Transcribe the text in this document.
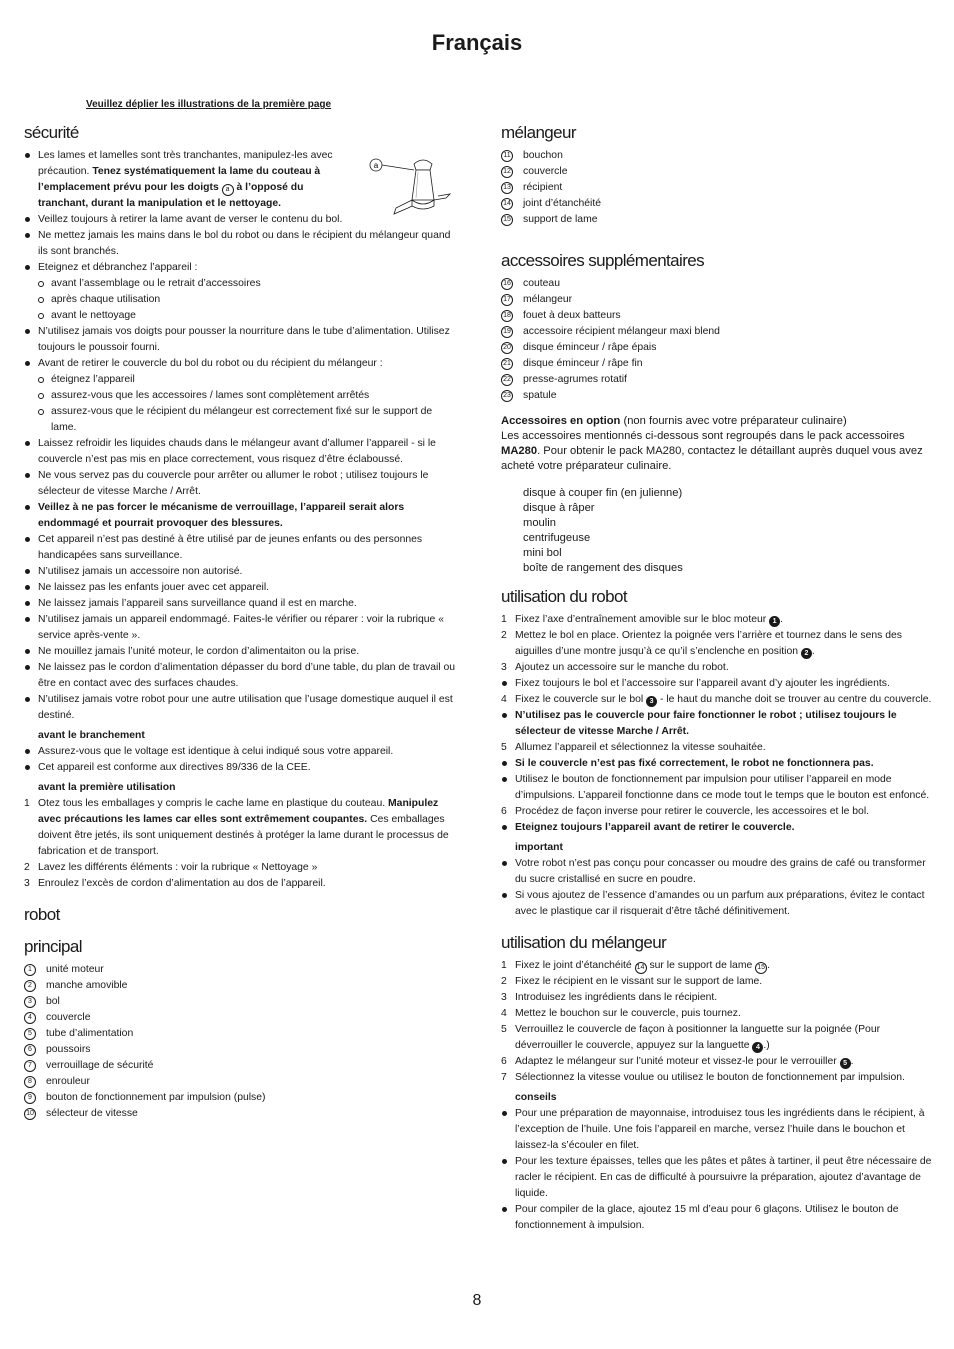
Français
Veuillez déplier les illustrations de la première page
a
sécurité
Les lames et lamelles sont très tranchantes, manipulez-les avec précaution. Tenez systématiquement la lame du couteau à l’emplacement prévu pour les doigts a à l’opposé du tranchant, durant la manipulation et le nettoyage.
Veillez toujours à retirer la lame avant de verser le contenu du bol.
Ne mettez jamais les mains dans le bol du robot ou dans le récipient du mélangeur quand ils sont branchés.
Eteignez et débranchez l’appareil :
avant l’assemblage ou le retrait d’accessoires
après chaque utilisation
avant le nettoyage
N’utilisez jamais vos doigts pour pousser la nourriture dans le tube d’alimentation. Utilisez toujours le poussoir fourni.
Avant de retirer le couvercle du bol du robot ou du récipient du mélangeur :
éteignez l’appareil
assurez-vous que les accessoires / lames sont complètement arrêtés
assurez-vous que le récipient du mélangeur est correctement fixé sur le support de lame.
Laissez refroidir les liquides chauds dans le mélangeur avant d’allumer l’appareil - si le couvercle n’est pas mis en place correctement, vous risquez d’être éclaboussé.
Ne vous servez pas du couvercle pour arrêter ou allumer le robot ; utilisez toujours le sélecteur de vitesse Marche / Arrêt.
Veillez à ne pas forcer le mécanisme de verrouillage, l’appareil serait alors endommagé et pourrait provoquer des blessures.
Cet appareil n’est pas destiné à être utilisé par de jeunes enfants ou des personnes handicapées sans surveillance.
N’utilisez jamais un accessoire non autorisé.
Ne laissez pas les enfants jouer avec cet appareil.
Ne laissez jamais l’appareil sans surveillance quand il est en marche.
N’utilisez jamais un appareil endommagé. Faites-le vérifier ou réparer : voir la rubrique « service après-vente ».
Ne mouillez jamais l’unité moteur, le cordon d’alimentaiton ou la prise.
Ne laissez pas le cordon d’alimentation dépasser du bord d’une table, du plan de travail ou être en contact avec des surfaces chaudes.
N’utilisez jamais votre robot pour une autre utilisation que l’usage domestique auquel il est destiné.
avant le branchement
Assurez-vous que le voltage est identique à celui indiqué sous votre appareil.
Cet appareil est conforme aux directives 89/336 de la CEE.
avant la première utilisation
1 Otez tous les emballages y compris le cache lame en plastique du couteau. Manipulez avec précautions les lames car elles sont extrêmement coupantes. Ces emballages doivent être jetés, ils sont uniquement destinés à protéger la lame durant le processus de fabrication et de transport.
2 Lavez les différents éléments : voir la rubrique « Nettoyage »
3 Enroulez l’excès de cordon d’alimentation au dos de l’appareil.
robot
principal
1	unité moteur
2	manche amovible
3	bol
4	couvercle
5	tube d’alimentation
6	poussoirs
7	verrouillage de sécurité
8	enrouleur
9	bouton de fonctionnement par impulsion (pulse)
10 sélecteur de vitesse
mélangeur
11 bouchon
12 couvercle
13 récipient
14 joint d’étanchéité
15 support de lame
accessoires supplémentaires
16 couteau
17 mélangeur
18 fouet à deux batteurs
19 accessoire récipient mélangeur maxi blend
20 disque éminceur / râpe épais
21 disque éminceur / râpe fin
22 presse-agrumes rotatif
23 spatule
Accessoires en option (non fournis avec votre préparateur culinaire)
Les accessoires mentionnés ci-dessous sont regroupés dans le pack accessoires MA280. Pour obtenir le pack MA280, contactez le détaillant auprès duquel vous avez acheté votre préparateur culinaire.
disque à couper fin (en julienne)
disque à râper
moulin
centrifugeuse
mini bol
boîte de rangement des disques
utilisation du robot
1 Fixez l’axe d’entraînement amovible sur le bloc moteur 1 .
2 Mettez le bol en place. Orientez la poignée vers l’arrière et tournez dans le sens des aiguilles d’une montre jusqu’à ce qu’il s’enclenche en position 2 .
3 Ajoutez un accessoire sur le manche du robot.
Fixez toujours le bol et l’accessoire sur l’appareil avant d’y ajouter les ingrédients.
4 Fixez le couvercle sur le bol 3 - le haut du manche doit se trouver au centre du couvercle.
N’utilisez pas le couvercle pour faire fonctionner le robot ; utilisez toujours le sélecteur de vitesse Marche / Arrêt.
5 Allumez l’appareil et sélectionnez la vitesse souhaitée.
Si le couvercle n’est pas fixé correctement, le robot ne fonctionnera pas.
Utilisez le bouton de fonctionnement par impulsion pour utiliser l’appareil en mode d’impulsions. L’appareil fonctionne dans ce mode tout le temps que le bouton est enfoncé.
6 Procédez de façon inverse pour retirer le couvercle, les accessoires et le bol.
Eteignez toujours l’appareil avant de retirer le couvercle.
important
Votre robot n’est pas conçu pour concasser ou moudre des grains de café ou transformer du sucre cristallisé en sucre en poudre.
Si vous ajoutez de l’essence d’amandes ou un parfum aux préparations, évitez le contact avec le plastique car il risquerait d’être tâché définitivement.
utilisation du mélangeur
1 Fixez le joint d’étanchéité 14 sur le support de lame 15 .
2 Fixez le récipient en le vissant sur le support de lame.
3 Introduisez les ingrédients dans le récipient.
4 Mettez le bouchon sur le couvercle, puis tournez.
5 Verrouillez le couvercle de façon à positionner la languette sur la poignée (Pour déverrouiller le couvercle, appuyez sur la languette 4 .)
6 Adaptez le mélangeur sur l’unité moteur et vissez-le pour le verrouiller 5 .
7 Sélectionnez la vitesse voulue ou utilisez le bouton de fonctionnement par impulsion.
conseils
Pour une préparation de mayonnaise, introduisez tous les ingrédients dans le récipient, à l’exception de l’huile. Une fois l’appareil en marche, versez l’huile dans le bouchon et laissez-la s’écouler en filet.
Pour les texture épaisses, telles que les pâtes et pâtes à tartiner, il peut être nécessaire de racler le récipient. En cas de difficulté à poursuivre la préparation, ajoutez d’avantage de liquide.
Pour compiler de la glace, ajoutez 15 ml d’eau pour 6 glaçons. Utilisez le bouton de fonctionnement à impulsion.
8
